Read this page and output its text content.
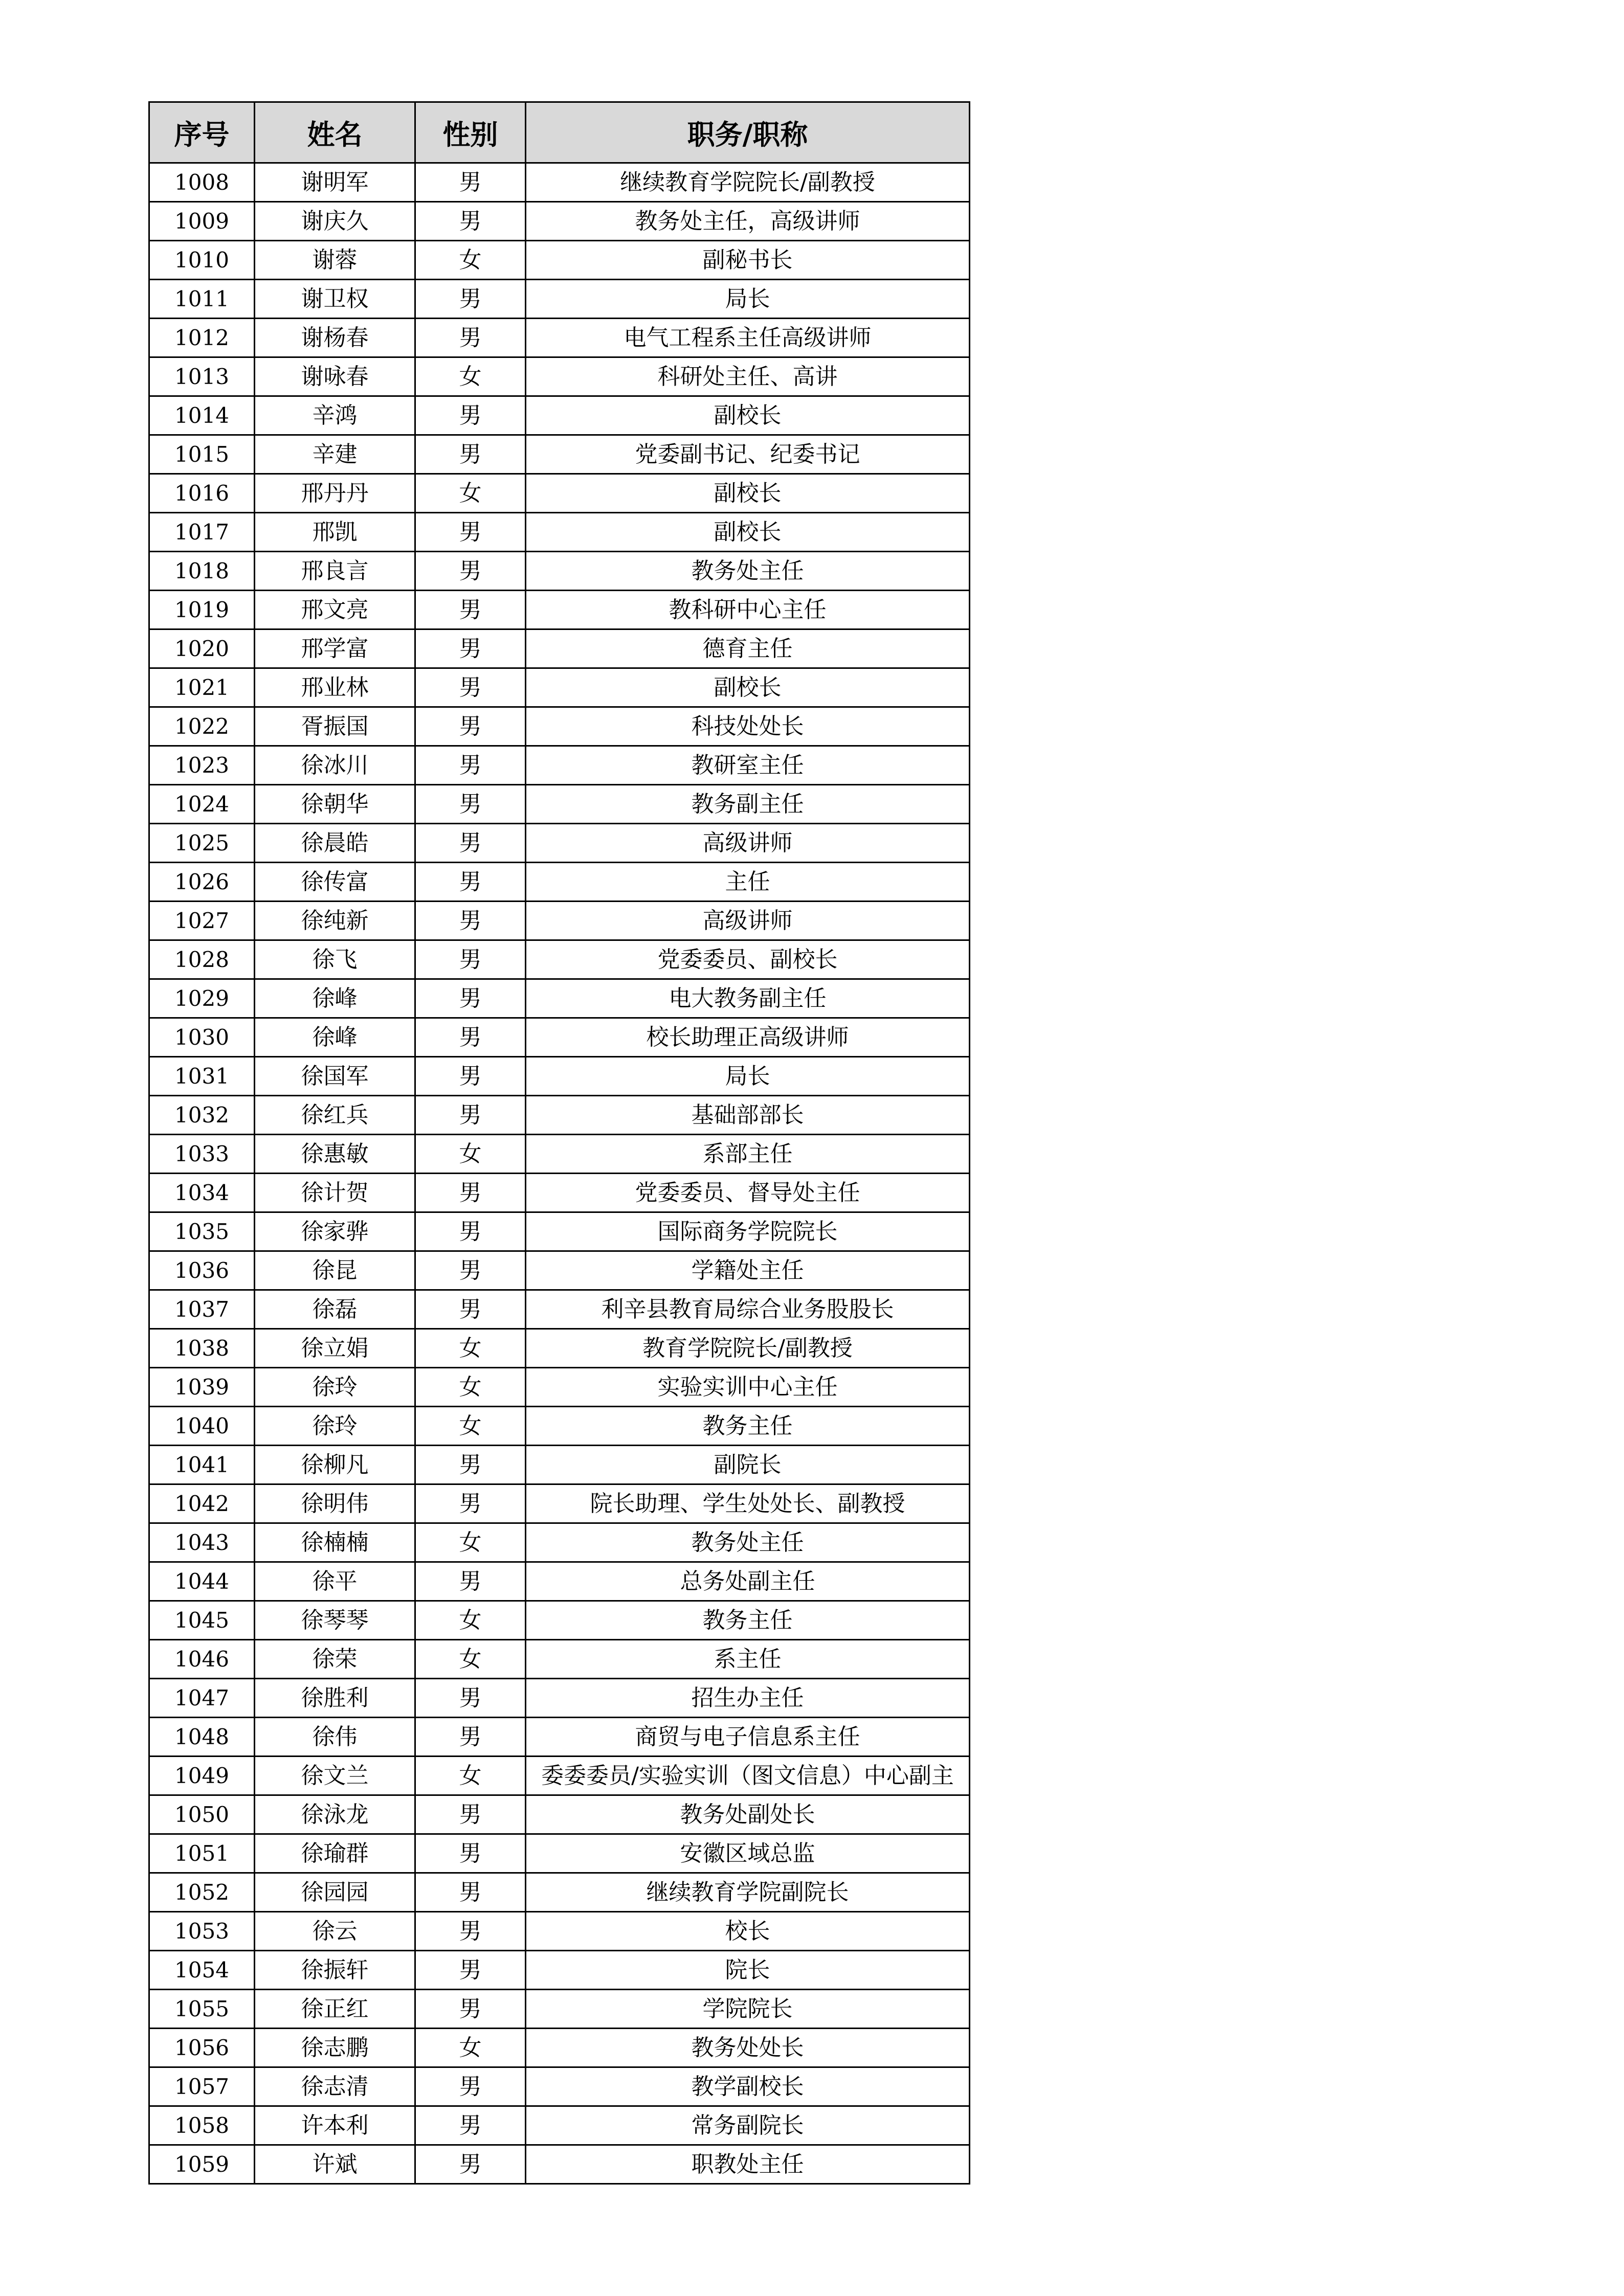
序号	姓名	性别	职务/职称
1008	谢明军	男	继续教育学院院长/副教授
1009	谢庆久	男	教务处主任，高级讲师
1010	谢蓉	女	副秘书长
1011	谢卫权	男	局长
1012	谢杨春	男	电气工程系主任高级讲师
1013	谢咏春	女	科研处主任、高讲
1014	辛鸿	男	副校长
1015	辛建	男	党委副书记、纪委书记
1016	邢丹丹	女	副校长
1017	邢凯	男	副校长
1018	邢良言	男	教务处主任
1019	邢文亮	男	教科研中心主任
1020	邢学富	男	德育主任
1021	邢业林	男	副校长
1022	胥振国	男	科技处处长
1023	徐冰川	男	教研室主任
1024	徐朝华	男	教务副主任
1025	徐晨皓	男	高级讲师
1026	徐传富	男	主任
1027	徐纯新	男	高级讲师
1028	徐飞	男	党委委员、副校长
1029	徐峰	男	电大教务副主任
1030	徐峰	男	校长助理正高级讲师
1031	徐国军	男	局长
1032	徐红兵	男	基础部部长
1033	徐惠敏	女	系部主任
1034	徐计贺	男	党委委员、督导处主任
1035	徐家骅	男	国际商务学院院长
1036	徐昆	男	学籍处主任
1037	徐磊	男	利辛县教育局综合业务股股长
1038	徐立娟	女	教育学院院长/副教授
1039	徐玲	女	实验实训中心主任
1040	徐玲	女	教务主任
1041	徐柳凡	男	副院长
1042	徐明伟	男	院长助理、学生处处长、副教授
1043	徐楠楠	女	教务处主任
1044	徐平	男	总务处副主任
1045	徐琴琴	女	教务主任
1046	徐荣	女	系主任
1047	徐胜利	男	招生办主任
1048	徐伟	男	商贸与电子信息系主任
1049	徐文兰	女	委委委员/实验实训（图文信息）中心副主
1050	徐泳龙	男	教务处副处长
1051	徐瑜群	男	安徽区域总监
1052	徐园园	男	继续教育学院副院长
1053	徐云	男	校长
1054	徐振轩	男	院长
1055	徐正红	男	学院院长
1056	徐志鹏	女	教务处处长
1057	徐志清	男	教学副校长
1058	许本利	男	常务副院长
1059	许斌	男	职教处主任
